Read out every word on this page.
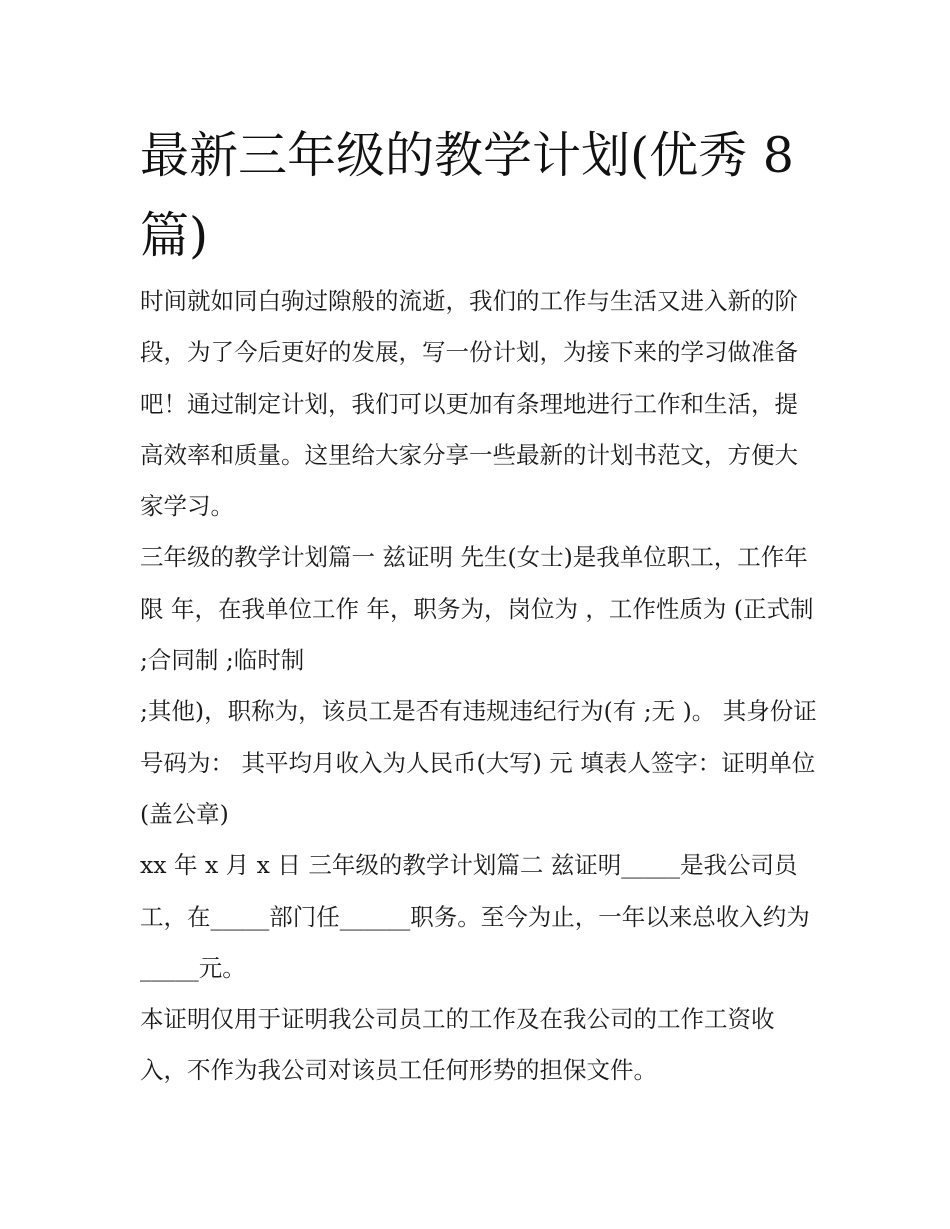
最新三年级的教学计划(优秀 8 篇)

时间就如同白驹过隙般的流逝，我们的工作与生活又进入新的阶段，为了今后更好的发展，写一份计划，为接下来的学习做准备吧！通过制定计划，我们可以更加有条理地进行工作和生活，提高效率和质量。这里给大家分享一些最新的计划书范文，方便大家学习。

三年级的教学计划篇一 兹证明 先生(女士)是我单位职工，工作年限 年，在我单位工作 年，职务为，岗位为 ，工作性质为 (正式制 ;合同制 ;临时制

;其他)，职称为，该员工是否有违规违纪行为(有 ;无 )。 其身份证号码为： 其平均月收入为人民币(大写) 元 填表人签字：证明单位(盖公章)

xx 年 x 月 x 日 三年级的教学计划篇二 兹证明_____是我公司员工，在_____部门任______职务。至今为止，一年以来总收入约为_____元。

本证明仅用于证明我公司员工的工作及在我公司的工作工资收入，不作为我公司对该员工任何形势的担保文件。
